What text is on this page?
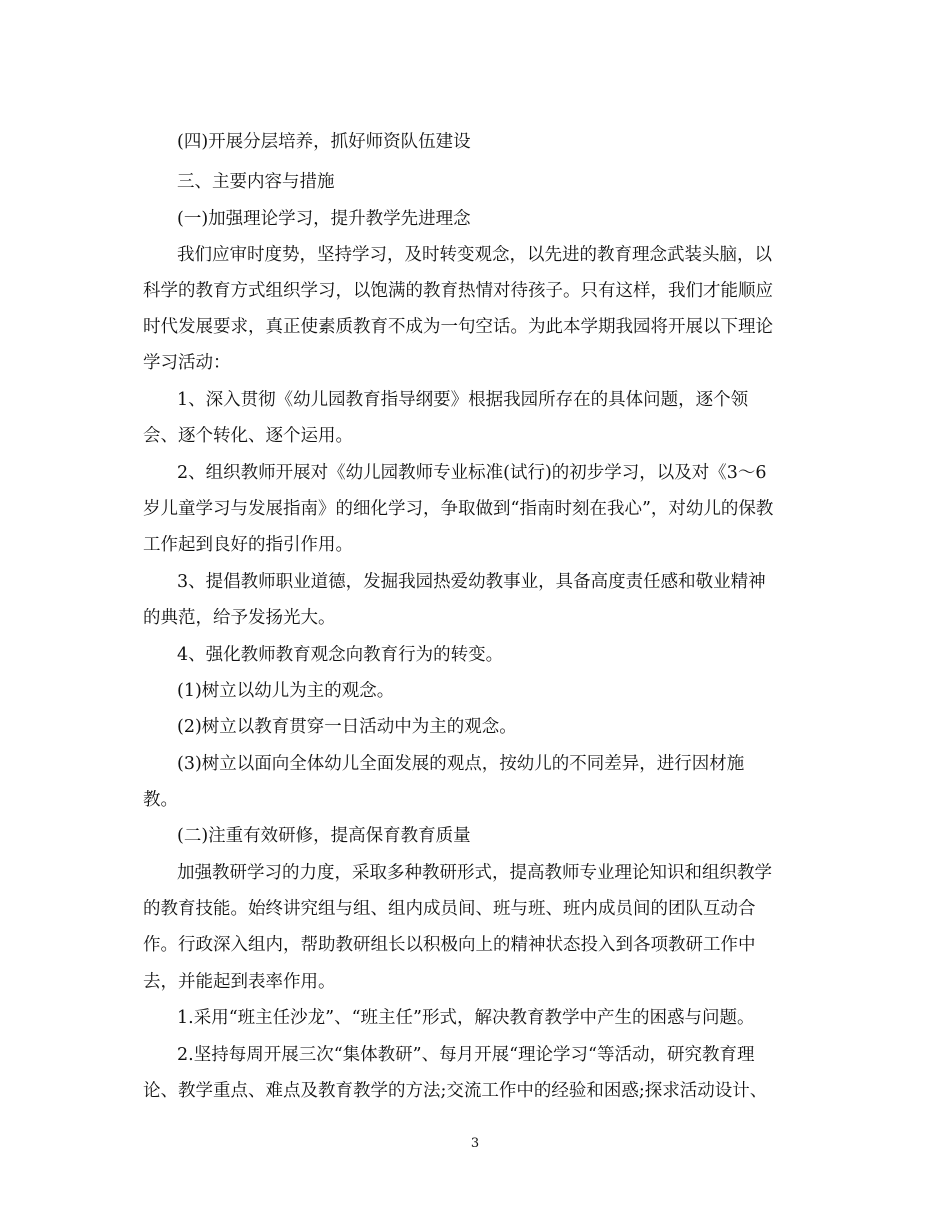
(四)开展分层培养，抓好师资队伍建设
三、主要内容与措施
(一)加强理论学习，提升教学先进理念
我们应审时度势，坚持学习，及时转变观念，以先进的教育理念武装头脑，以
科学的教育方式组织学习，以饱满的教育热情对待孩子。只有这样，我们才能顺应
时代发展要求，真正使素质教育不成为一句空话。为此本学期我园将开展以下理论
学习活动：
1、深入贯彻《幼儿园教育指导纲要》根据我园所存在的具体问题，逐个领
会、逐个转化、逐个运用。
2、组织教师开展对《幼儿园教师专业标准(试行)的初步学习，以及对《3～6
岁儿童学习与发展指南》的细化学习，争取做到“指南时刻在我心”，对幼儿的保教
工作起到良好的指引作用。
3、提倡教师职业道德，发掘我园热爱幼教事业，具备高度责任感和敬业精神
的典范，给予发扬光大。
4、强化教师教育观念向教育行为的转变。
(1)树立以幼儿为主的观念。
(2)树立以教育贯穿一日活动中为主的观念。
(3)树立以面向全体幼儿全面发展的观点，按幼儿的不同差异，进行因材施
教。
(二)注重有效研修，提高保育教育质量
加强教研学习的力度，采取多种教研形式，提高教师专业理论知识和组织教学
的教育技能。始终讲究组与组、组内成员间、班与班、班内成员间的团队互动合
作。行政深入组内，帮助教研组长以积极向上的精神状态投入到各项教研工作中
去，并能起到表率作用。
1.采用“班主任沙龙”、“班主任”形式，解决教育教学中产生的困惑与问题。
2.坚持每周开展三次“集体教研”、每月开展“理论学习“等活动，研究教育理
论、教学重点、难点及教育教学的方法;交流工作中的经验和困惑;探求活动设计、
3
